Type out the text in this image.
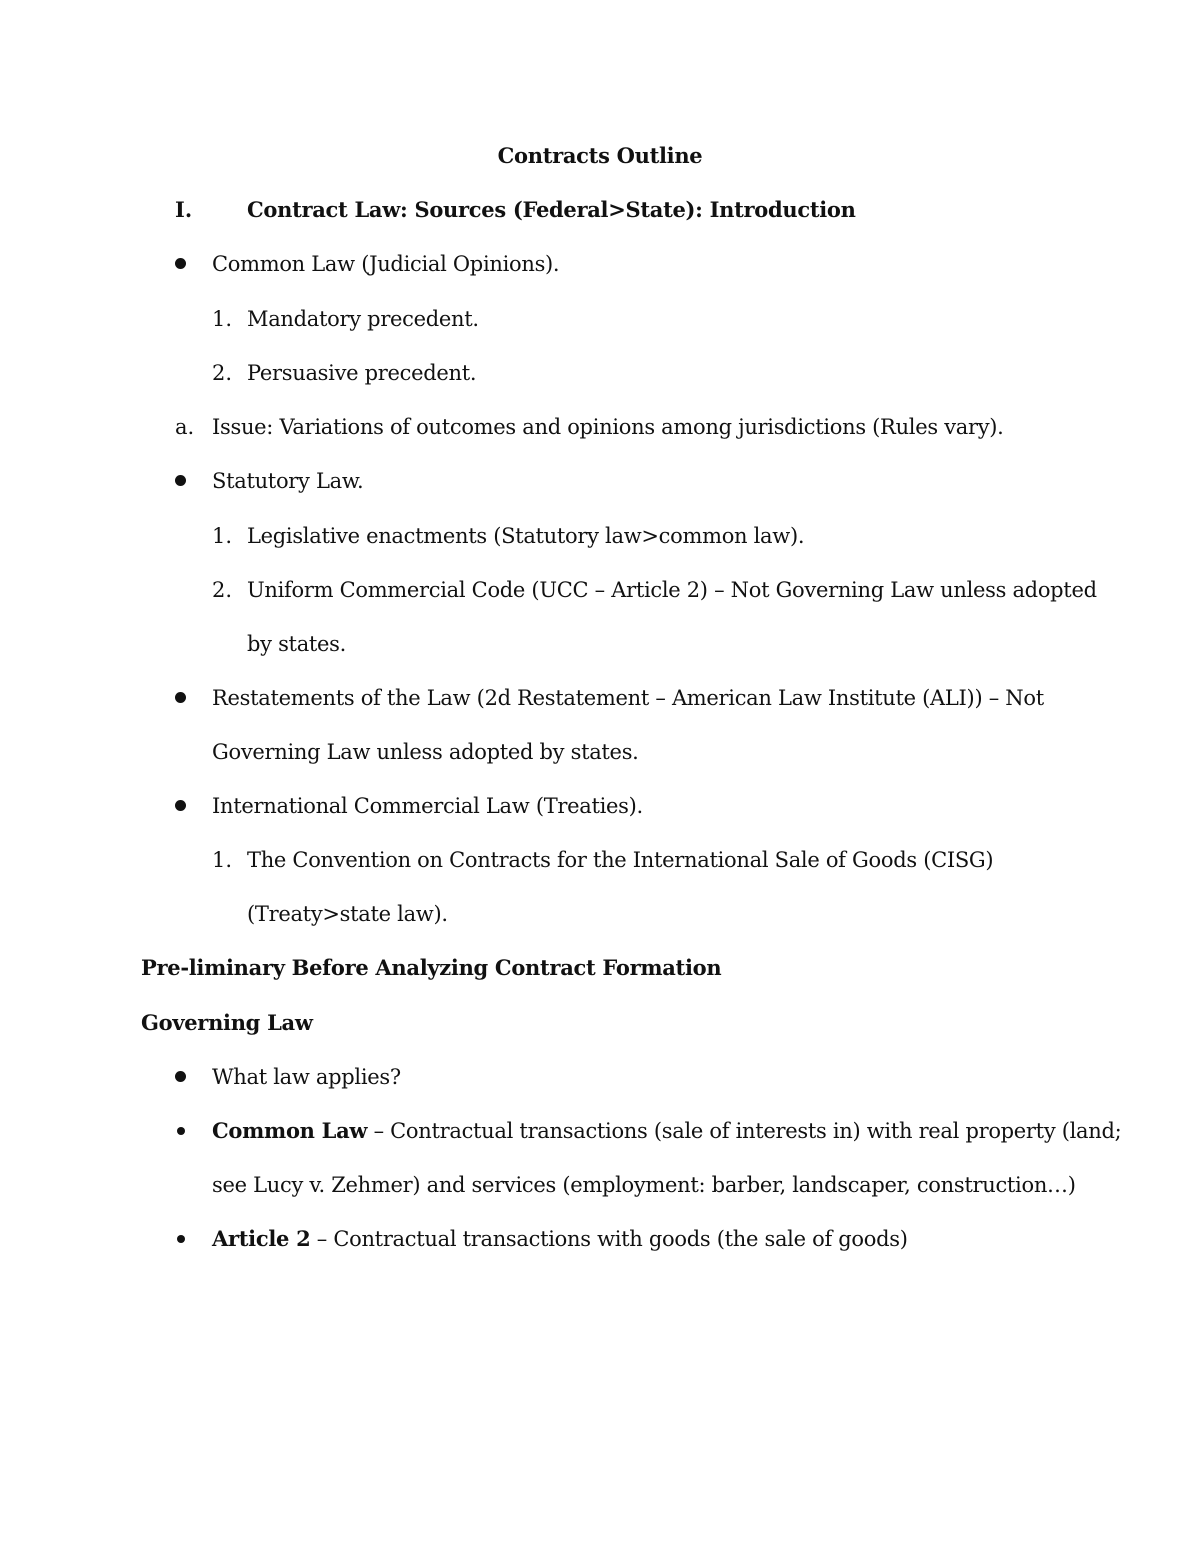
Contracts Outline
I.	Contract Law: Sources (Federal>State): Introduction
Common Law (Judicial Opinions).
1. Mandatory precedent.
2. Persuasive precedent.
a. Issue: Variations of outcomes and opinions among jurisdictions (Rules vary).
Statutory Law.
1. Legislative enactments (Statutory law>common law).
2. Uniform Commercial Code (UCC – Article 2) – Not Governing Law unless adopted
by states.
Restatements of the Law (2d Restatement – American Law Institute (ALI)) – Not
Governing Law unless adopted by states.
International Commercial Law (Treaties).
1. The Convention on Contracts for the International Sale of Goods (CISG)
(Treaty>state law).
Pre-liminary Before Analyzing Contract Formation
Governing Law
What law applies?
Common Law – Contractual transactions (sale of interests in) with real property (land;
see Lucy v. Zehmer) and services (employment: barber, landscaper, construction…)
Article 2 – Contractual transactions with goods (the sale of goods)
